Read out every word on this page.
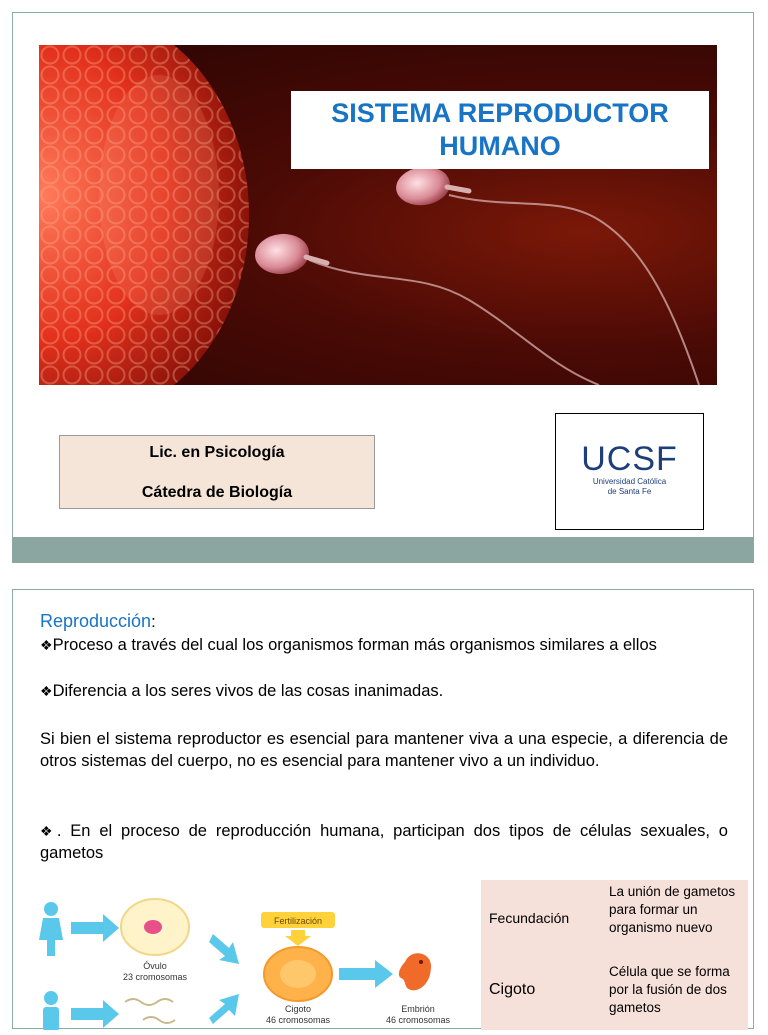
SISTEMA REPRODUCTOR HUMANO
Lic. en Psicología
Cátedra de Biología
UCSF
Universidad Católica
de Santa Fe
Reproducción:
❖Proceso a través del cual los organismos forman más organismos similares a ellos
❖Diferencia a los seres vivos de las cosas inanimadas.
Si bien el sistema reproductor es esencial para mantener viva a una especie, a diferencia de otros sistemas del cuerpo, no es esencial para mantener vivo a un individuo.
❖. En el proceso de reproducción humana, participan dos tipos de células sexuales, o gametos
Óvulo
23 cromosomas
Fertilización
Cigoto
46 cromosomas
Embrión
46 cromosomas
Fecundación
La unión de gametos para formar un organismo nuevo
Cigoto
Célula que se forma por la fusión de dos gametos
